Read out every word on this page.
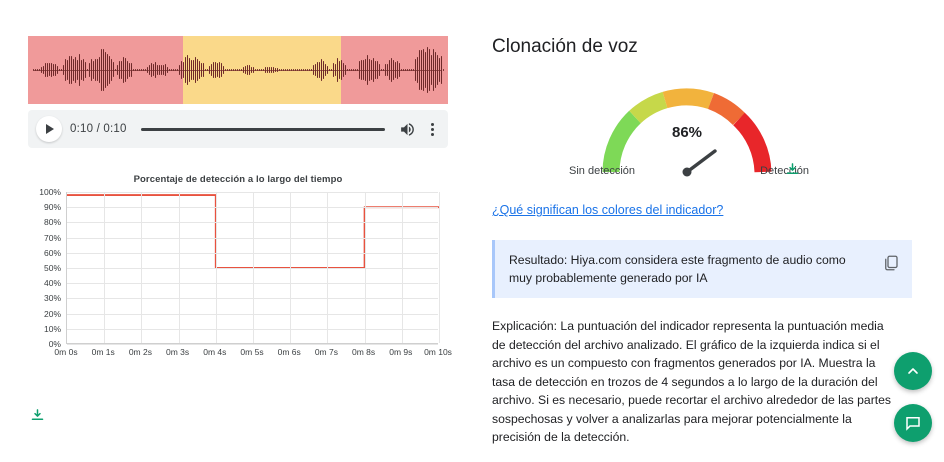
0:10 / 0:10

Porcentaje de detección a lo largo del tiempo

0%
10%
20%
30%
40%
50%
60%
70%
80%
90%
100%
0m 0s 0m 1s 0m 2s 0m 3s 0m 4s 0m 5s 0m 6s 0m 7s 0m 8s 0m 9s 0m 10s
Clonación de voz
86%
Sin detección	Detección
¿Qué significan los colores del indicador?

Resultado: Hiya.com considera este fragmento de audio como muy probablemente generado por IA

Explicación: La puntuación del indicador representa la puntuación media de detección del archivo analizado. El gráfico de la izquierda indica si el archivo es un compuesto con fragmentos generados por IA. Muestra la tasa de detección en trozos de 4 segundos a lo largo de la duración del archivo. Si es necesario, puede recortar el archivo alrededor de las partes sospechosas y volver a analizarlas para mejorar potencialmente la precisión de la detección.
